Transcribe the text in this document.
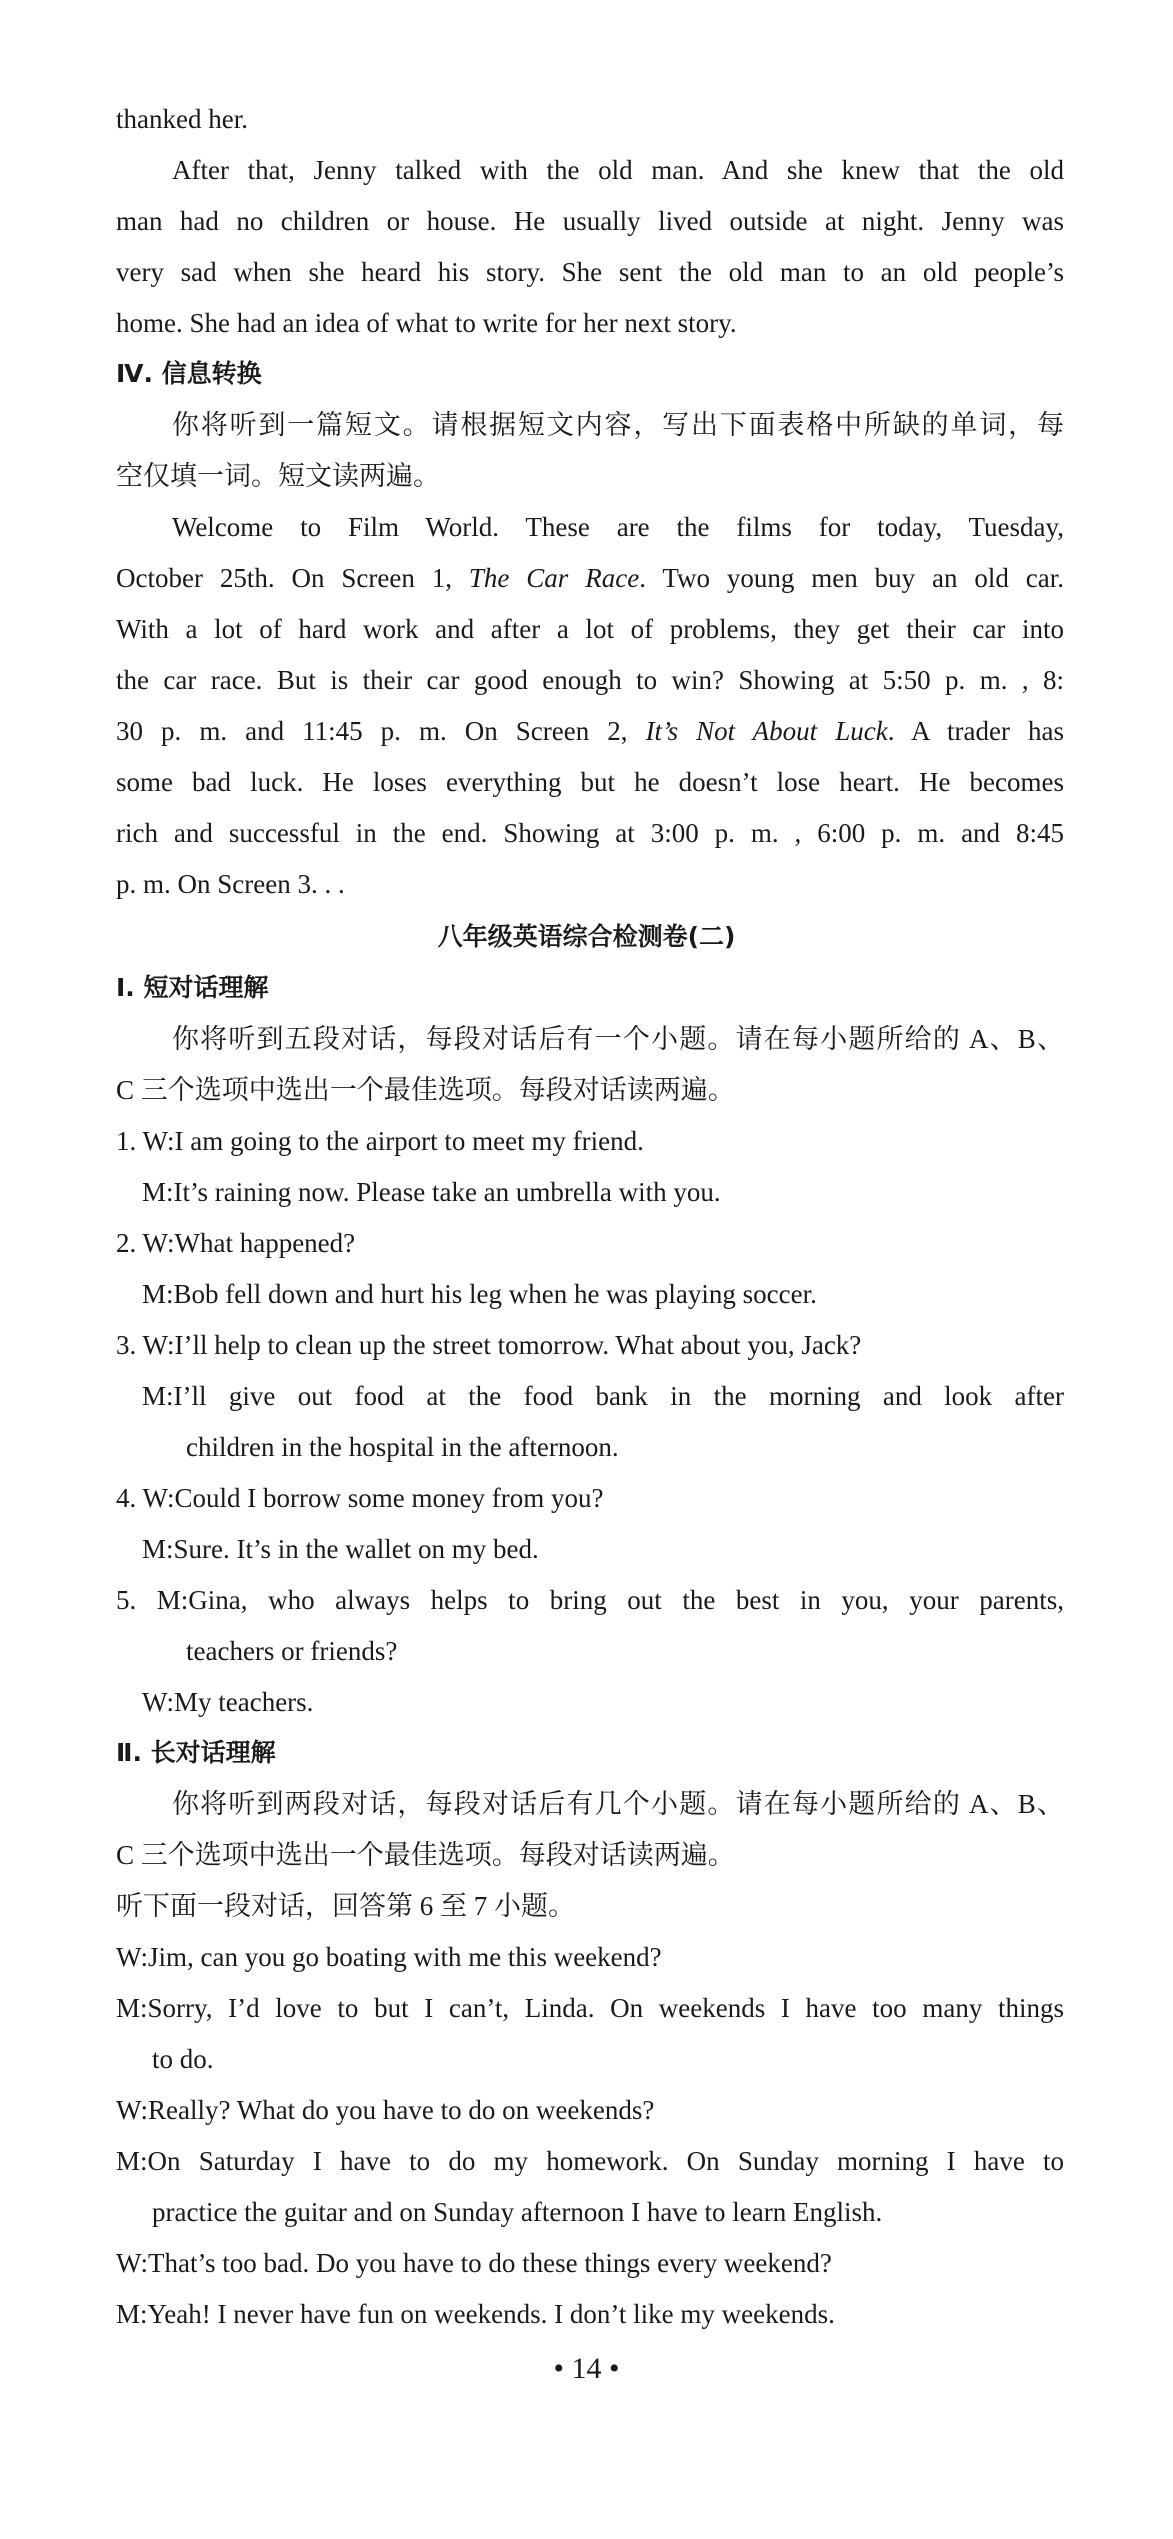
thanked her.
After that, Jenny talked with the old man. And she knew that the old
man had no children or house. He usually lived outside at night. Jenny was
very sad when she heard his story. She sent the old man to an old people’s
home. She had an idea of what to write for her next story.
Ⅳ. 信息转换
你将听到一篇短文。请根据短文内容，写出下面表格中所缺的单词，每
空仅填一词。短文读两遍。
Welcome to Film World. These are the films for today, Tuesday,
October 25th. On Screen 1, The Car Race. Two young men buy an old car.
With a lot of hard work and after a lot of problems, they get their car into
the car race. But is their car good enough to win? Showing at 5:50 p. m. , 8:
30 p. m. and 11:45 p. m. On Screen 2, It’s Not About Luck. A trader has
some bad luck. He loses everything but he doesn’t lose heart. He becomes
rich and successful in the end. Showing at 3:00 p. m. , 6:00 p. m. and 8:45
p. m. On Screen 3. . .
八年级英语综合检测卷(二)
Ⅰ. 短对话理解
你将听到五段对话，每段对话后有一个小题。请在每小题所给的 A、B、
C 三个选项中选出一个最佳选项。每段对话读两遍。
1. W:I am going to the airport to meet my friend.
M:It’s raining now. Please take an umbrella with you.
2. W:What happened?
M:Bob fell down and hurt his leg when he was playing soccer.
3. W:I’ll help to clean up the street tomorrow. What about you, Jack?
M:I’ll give out food at the food bank in the morning and look after
children in the hospital in the afternoon.
4. W:Could I borrow some money from you?
M:Sure. It’s in the wallet on my bed.
5. M:Gina, who always helps to bring out the best in you, your parents,
teachers or friends?
W:My teachers.
Ⅱ. 长对话理解
你将听到两段对话，每段对话后有几个小题。请在每小题所给的 A、B、
C 三个选项中选出一个最佳选项。每段对话读两遍。
听下面一段对话，回答第 6 至 7 小题。
W:Jim, can you go boating with me this weekend?
M:Sorry, I’d love to but I can’t, Linda. On weekends I have too many things
to do.
W:Really? What do you have to do on weekends?
M:On Saturday I have to do my homework. On Sunday morning I have to
practice the guitar and on Sunday afternoon I have to learn English.
W:That’s too bad. Do you have to do these things every weekend?
M:Yeah! I never have fun on weekends. I don’t like my weekends.
• 14 •
